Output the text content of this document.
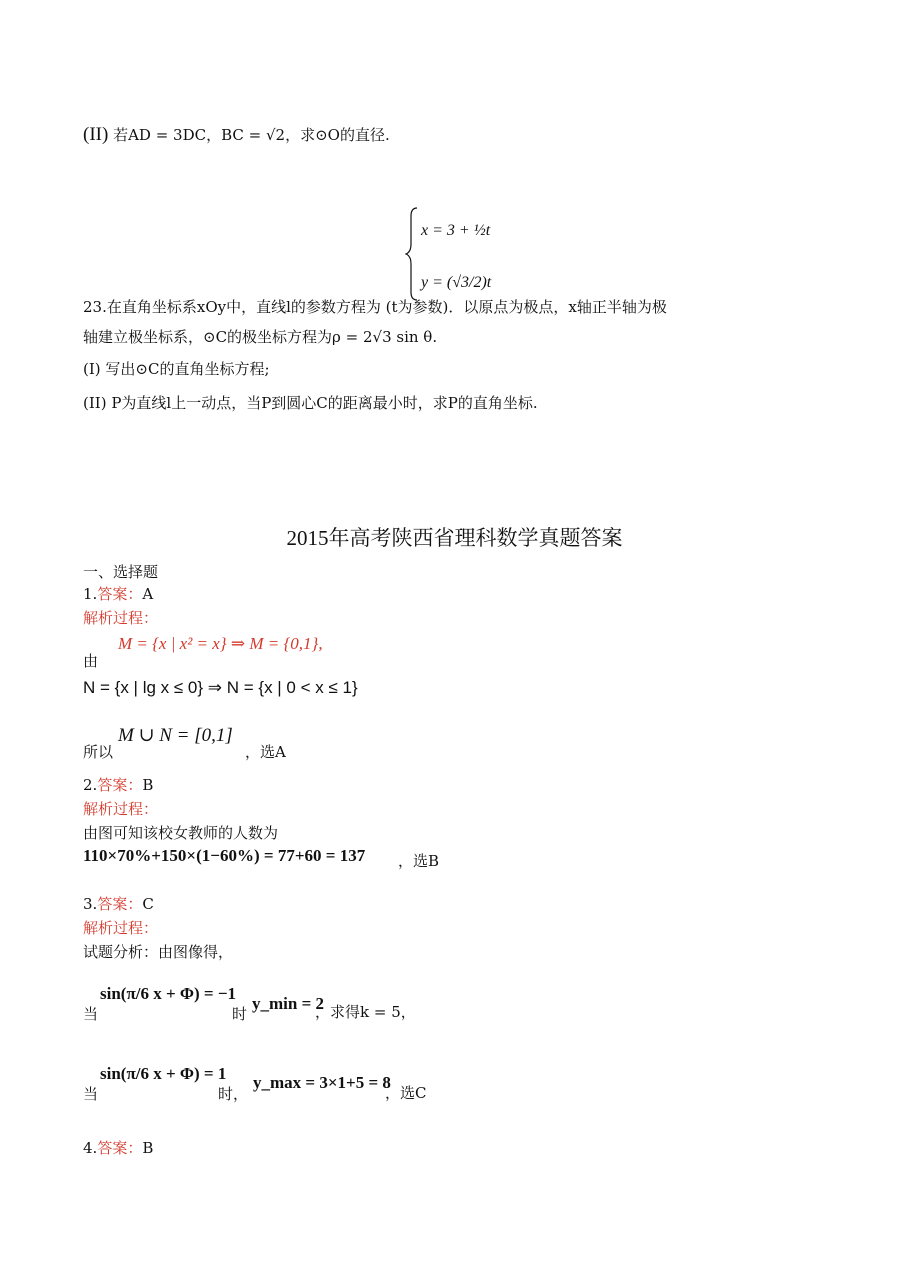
(II) 若AD = 3DC，BC = √2，求⊙O的直径.
x = 3 + ½t
y = (√3/2)t
23.在直角坐标系xOy中，直线l的参数方程为 (t为参数)．以原点为极点，x轴正半轴为极
轴建立极坐标系，⊙C的极坐标方程为ρ = 2√3 sin θ.
(I) 写出⊙C的直角坐标方程;
(II) P为直线l上一动点，当P到圆心C的距离最小时，求P的直角坐标.
2015年高考陕西省理科数学真题答案
一、选择题
1.答案：A
解析过程：
由
M = {x | x² = x} ⇒ M = {0,1},
N = {x | lg x ≤ 0} ⇒ N = {x | 0 < x ≤ 1}
所以
M ∪ N = [0,1]
，选A
2.答案：B
解析过程：
由图可知该校女教师的人数为
110×70%+150×(1−60%) = 77+60 = 137 ，选B
3.答案：C
解析过程：
试题分析：由图像得，
当
sin(π/6 x + Φ) = −1
时
y_min = 2
，求得k = 5，
当
sin(π/6 x + Φ) = 1
时，
y_max = 3×1+5 = 8
，选C
4.答案：B
